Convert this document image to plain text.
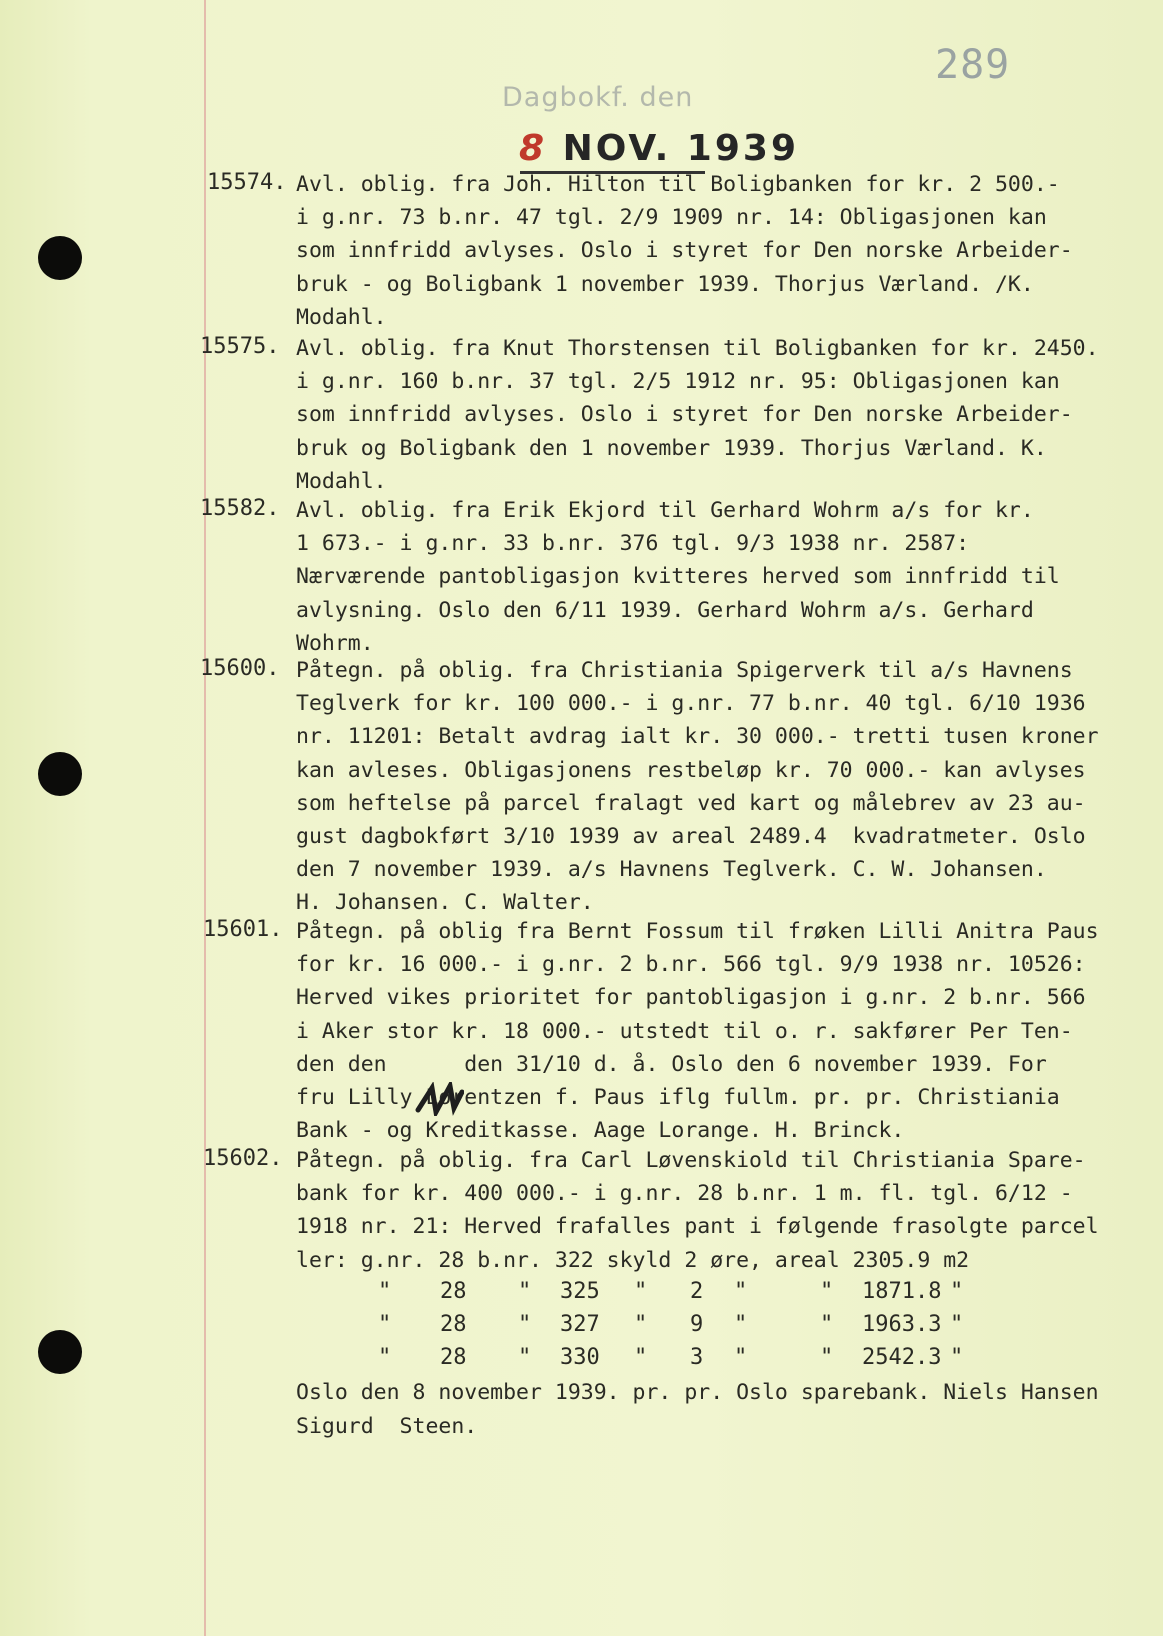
289
Dagbokf. den
8 NOV. 1939
15574. Avl. oblig. fra Joh. Hilton til Boligbanken for kr. 2 500.-
i g.nr. 73 b.nr. 47 tgl. 2/9 1909 nr. 14: Obligasjonen kan
som innfridd avlyses. Oslo i styret for Den norske Arbeider-
bruk - og Boligbank 1 november 1939. Thorjus Værland. /K.
Modahl.
15575. Avl. oblig. fra Knut Thorstensen til Boligbanken for kr. 2450.
i g.nr. 160 b.nr. 37 tgl. 2/5 1912 nr. 95: Obligasjonen kan
som innfridd avlyses. Oslo i styret for Den norske Arbeider-
bruk og Boligbank den 1 november 1939. Thorjus Værland. K.
Modahl.
15582. Avl. oblig. fra Erik Ekjord til Gerhard Wohrm a/s for kr.
1 673.- i g.nr. 33 b.nr. 376 tgl. 9/3 1938 nr. 2587:
Nærværende pantobligasjon kvitteres herved som innfridd til
avlysning. Oslo den 6/11 1939. Gerhard Wohrm a/s. Gerhard
Wohrm.
15600. Påtegn. på oblig. fra Christiania Spigerverk til a/s Havnens
Teglverk for kr. 100 000.- i g.nr. 77 b.nr. 40 tgl. 6/10 1936
nr. 11201: Betalt avdrag ialt kr. 30 000.- tretti tusen kroner
kan avleses. Obligasjonens restbeløp kr. 70 000.- kan avlyses
som heftelse på parcel fralagt ved kart og målebrev av 23 au-
gust dagbokført 3/10 1939 av areal 2489.4  kvadratmeter. Oslo
den 7 november 1939. a/s Havnens Teglverk. C. W. Johansen.
H. Johansen. C. Walter.
15601. Påtegn. på oblig fra Bernt Fossum til frøken Lilli Anitra Paus
for kr. 16 000.- i g.nr. 2 b.nr. 566 tgl. 9/9 1938 nr. 10526:
Herved vikes prioritet for pantobligasjon i g.nr. 2 b.nr. 566
i Aker stor kr. 18 000.- utstedt til o. r. sakfører Per Ten-
den den      den 31/10 d. å. Oslo den 6 november 1939. For
fru Lilly Lorentzen f. Paus iflg fullm. pr. pr. Christiania
Bank - og Kreditkasse. Aage Lorange. H. Brinck.
15602. Påtegn. på oblig. fra Carl Løvenskiold til Christiania Spare-
bank for kr. 400 000.- i g.nr. 28 b.nr. 1 m. fl. tgl. 6/12 -
1918 nr. 21: Herved frafalles pant i følgende frasolgte parcel
ler: g.nr. 28 b.nr. 322 skyld 2 øre, areal 2305.9 m2
" 28 " 325 " 2 "	" 1871.8 "
" 28 " 327 " 9 "	" 1963.3 "
" 28 " 330 " 3 "	" 2542.3 "
Oslo den 8 november 1939. pr. pr. Oslo sparebank. Niels Hansen
Sigurd  Steen.
